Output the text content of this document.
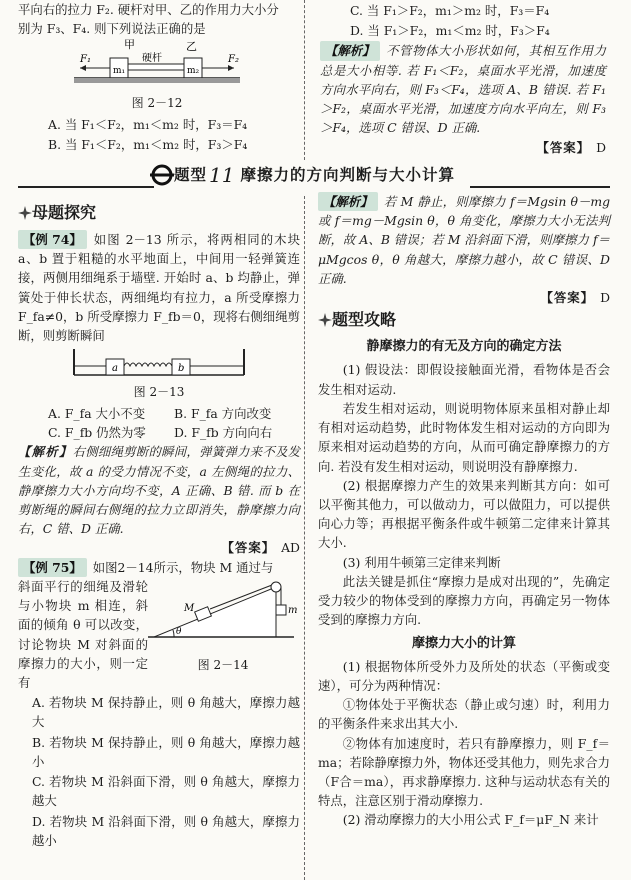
平向右的拉力 F₂. 硬杆对甲、乙的作用力大小分

别为 F₃、F₄. 则下列说法正确的是

甲	乙
m₁	m₂
硬杆
F₁	F₂
图 2－12

A. 当 F₁＜F₂，m₁＜m₂ 时，F₃＝F₄

B. 当 F₁＜F₂，m₁＜m₂ 时，F₃＞F₄

C. 当 F₁＞F₂，m₁＞m₂ 时，F₃＝F₄

D. 当 F₁＞F₂，m₁＜m₂ 时，F₃＞F₄

【解析】 不管物体大小形状如何，其相互作用力总是大小相等. 若 F₁＜F₂，桌面水平光滑，加速度方向水平向右，则 F₃＜F₄，选项 A、B 错误. 若 F₁＞F₂，桌面水平光滑，加速度方向水平向左，则 F₃＞F₄，选项 C 错误、D 正确.

【答案】 D

题型 11 摩擦力的方向判断与大小计算
母题探究

【例 74】 如图 2－13 所示，将两相同的木块 a、b 置于粗糙的水平地面上，中间用一轻弹簧连接，两侧用细绳系于墙壁. 开始时 a、b 均静止，弹簧处于伸长状态，两细绳均有拉力，a 所受摩擦力 F_fa≠0，b 所受摩擦力 F_fb＝0，现将右侧细绳剪断，则剪断瞬间

a	b
图 2－13
A. F_fa 大小不变	B. F_fa 方向改变
C. F_fb 仍然为零	D. F_fb 方向向右

【解析】右侧细绳剪断的瞬间，弹簧弹力来不及发生变化，故 a 的受力情况不变，a 左侧绳的拉力、静摩擦力大小方向均不变，A 正确、B 错. 而 b 在剪断绳的瞬间右侧绳的拉力立即消失，静摩擦力向右，C 错、D 正确.

【答案】 AD

【例 75】 如图2－14所示，物块 M 通过与

斜面平行的细绳及滑轮与小物块 m 相连，斜面的倾角 θ 可以改变，讨论物块 M 对斜面的摩擦力的大小，则一定有

M	m
θ
图 2－14

A. 若物块 M 保持静止，则 θ 角越大，摩擦力越大

B. 若物块 M 保持静止，则 θ 角越大，摩擦力越小

C. 若物块 M 沿斜面下滑，则 θ 角越大，摩擦力越大

D. 若物块 M 沿斜面下滑，则 θ 角越大，摩擦力越小

【解析】 若 M 静止，则摩擦力 f＝Mgsin θ－mg 或 f＝mg－Mgsin θ，θ 角变化，摩擦力大小无法判断，故 A、B 错误；若 M 沿斜面下滑，则摩擦力 f＝μMgcos θ，θ 角越大，摩擦力越小，故 C 错误、D 正确.

【答案】 D

题型攻略
静摩擦力的有无及方向的确定方法

(1) 假设法：即假设接触面光滑，看物体是否会发生相对运动.

若发生相对运动，则说明物体原来虽相对静止却有相对运动趋势，此时物体发生相对运动的方向即为原来相对运动趋势的方向，从而可确定静摩擦力的方向. 若没有发生相对运动，则说明没有静摩擦力.

(2) 根据摩擦力产生的效果来判断其方向：如可以平衡其他力，可以做动力，可以做阻力，可以提供向心力等；再根据平衡条件或牛顿第二定律来计算其大小.

(3) 利用牛顿第三定律来判断

此法关键是抓住“摩擦力是成对出现的”，先确定受力较少的物体受到的摩擦力方向，再确定另一物体受到的摩擦力方向.

摩擦力大小的计算

(1) 根据物体所受外力及所处的状态（平衡或变速），可分为两种情况：

①物体处于平衡状态（静止或匀速）时，利用力的平衡条件来求出其大小.

②物体有加速度时，若只有静摩擦力，则 F_f＝ma；若除静摩擦力外，物体还受其他力，则先求合力（F合＝ma），再求静摩擦力. 这种与运动状态有关的特点，注意区别于滑动摩擦力.

(2) 滑动摩擦力的大小用公式 F_f＝μF_N 来计
